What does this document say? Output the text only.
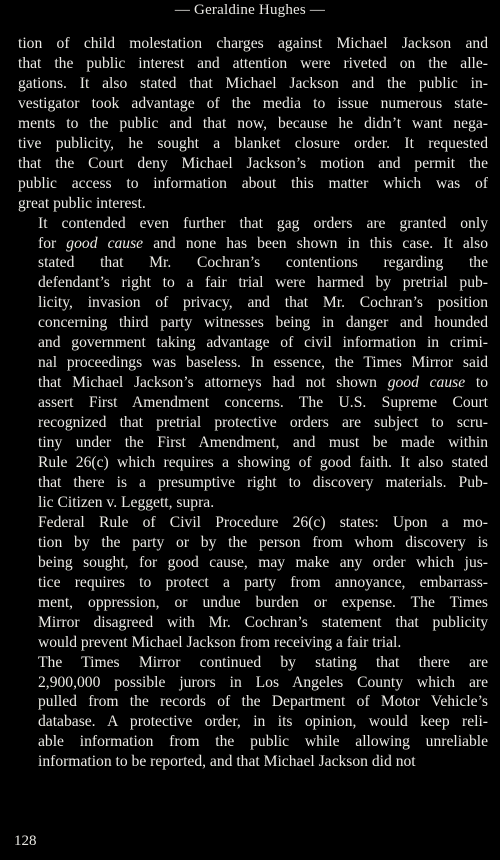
— Geraldine Hughes —

tion of child molestation charges against Michael Jackson and
that the public interest and attention were riveted on the alle-
gations. It also stated that Michael Jackson and the public in-
vestigator took advantage of the media to issue numerous state-
ments to the public and that now, because he didn’t want nega-
tive publicity, he sought a blanket closure order. It requested
that the Court deny Michael Jackson’s motion and permit the
public access to information about this matter which was of
great public interest.

It contended even further that gag orders are granted only
for good cause and none has been shown in this case. It also
stated that Mr. Cochran’s contentions regarding the
defendant’s right to a fair trial were harmed by pretrial pub-
licity, invasion of privacy, and that Mr. Cochran’s position
concerning third party witnesses being in danger and hounded
and government taking advantage of civil information in crimi-
nal proceedings was baseless. In essence, the Times Mirror said
that Michael Jackson’s attorneys had not shown good cause to
assert First Amendment concerns. The U.S. Supreme Court
recognized that pretrial protective orders are subject to scru-
tiny under the First Amendment, and must be made within
Rule 26(c) which requires a showing of good faith. It also stated
that there is a presumptive right to discovery materials. Pub-
lic Citizen v. Leggett, supra.

Federal Rule of Civil Procedure 26(c) states: Upon a mo-
tion by the party or by the person from whom discovery is
being sought, for good cause, may make any order which jus-
tice requires to protect a party from annoyance, embarrass-
ment, oppression, or undue burden or expense. The Times
Mirror disagreed with Mr. Cochran’s statement that publicity
would prevent Michael Jackson from receiving a fair trial.

The Times Mirror continued by stating that there are
2,900,000 possible jurors in Los Angeles County which are
pulled from the records of the Department of Motor Vehicle’s
database. A protective order, in its opinion, would keep reli-
able information from the public while allowing unreliable
information to be reported, and that Michael Jackson did not

128
